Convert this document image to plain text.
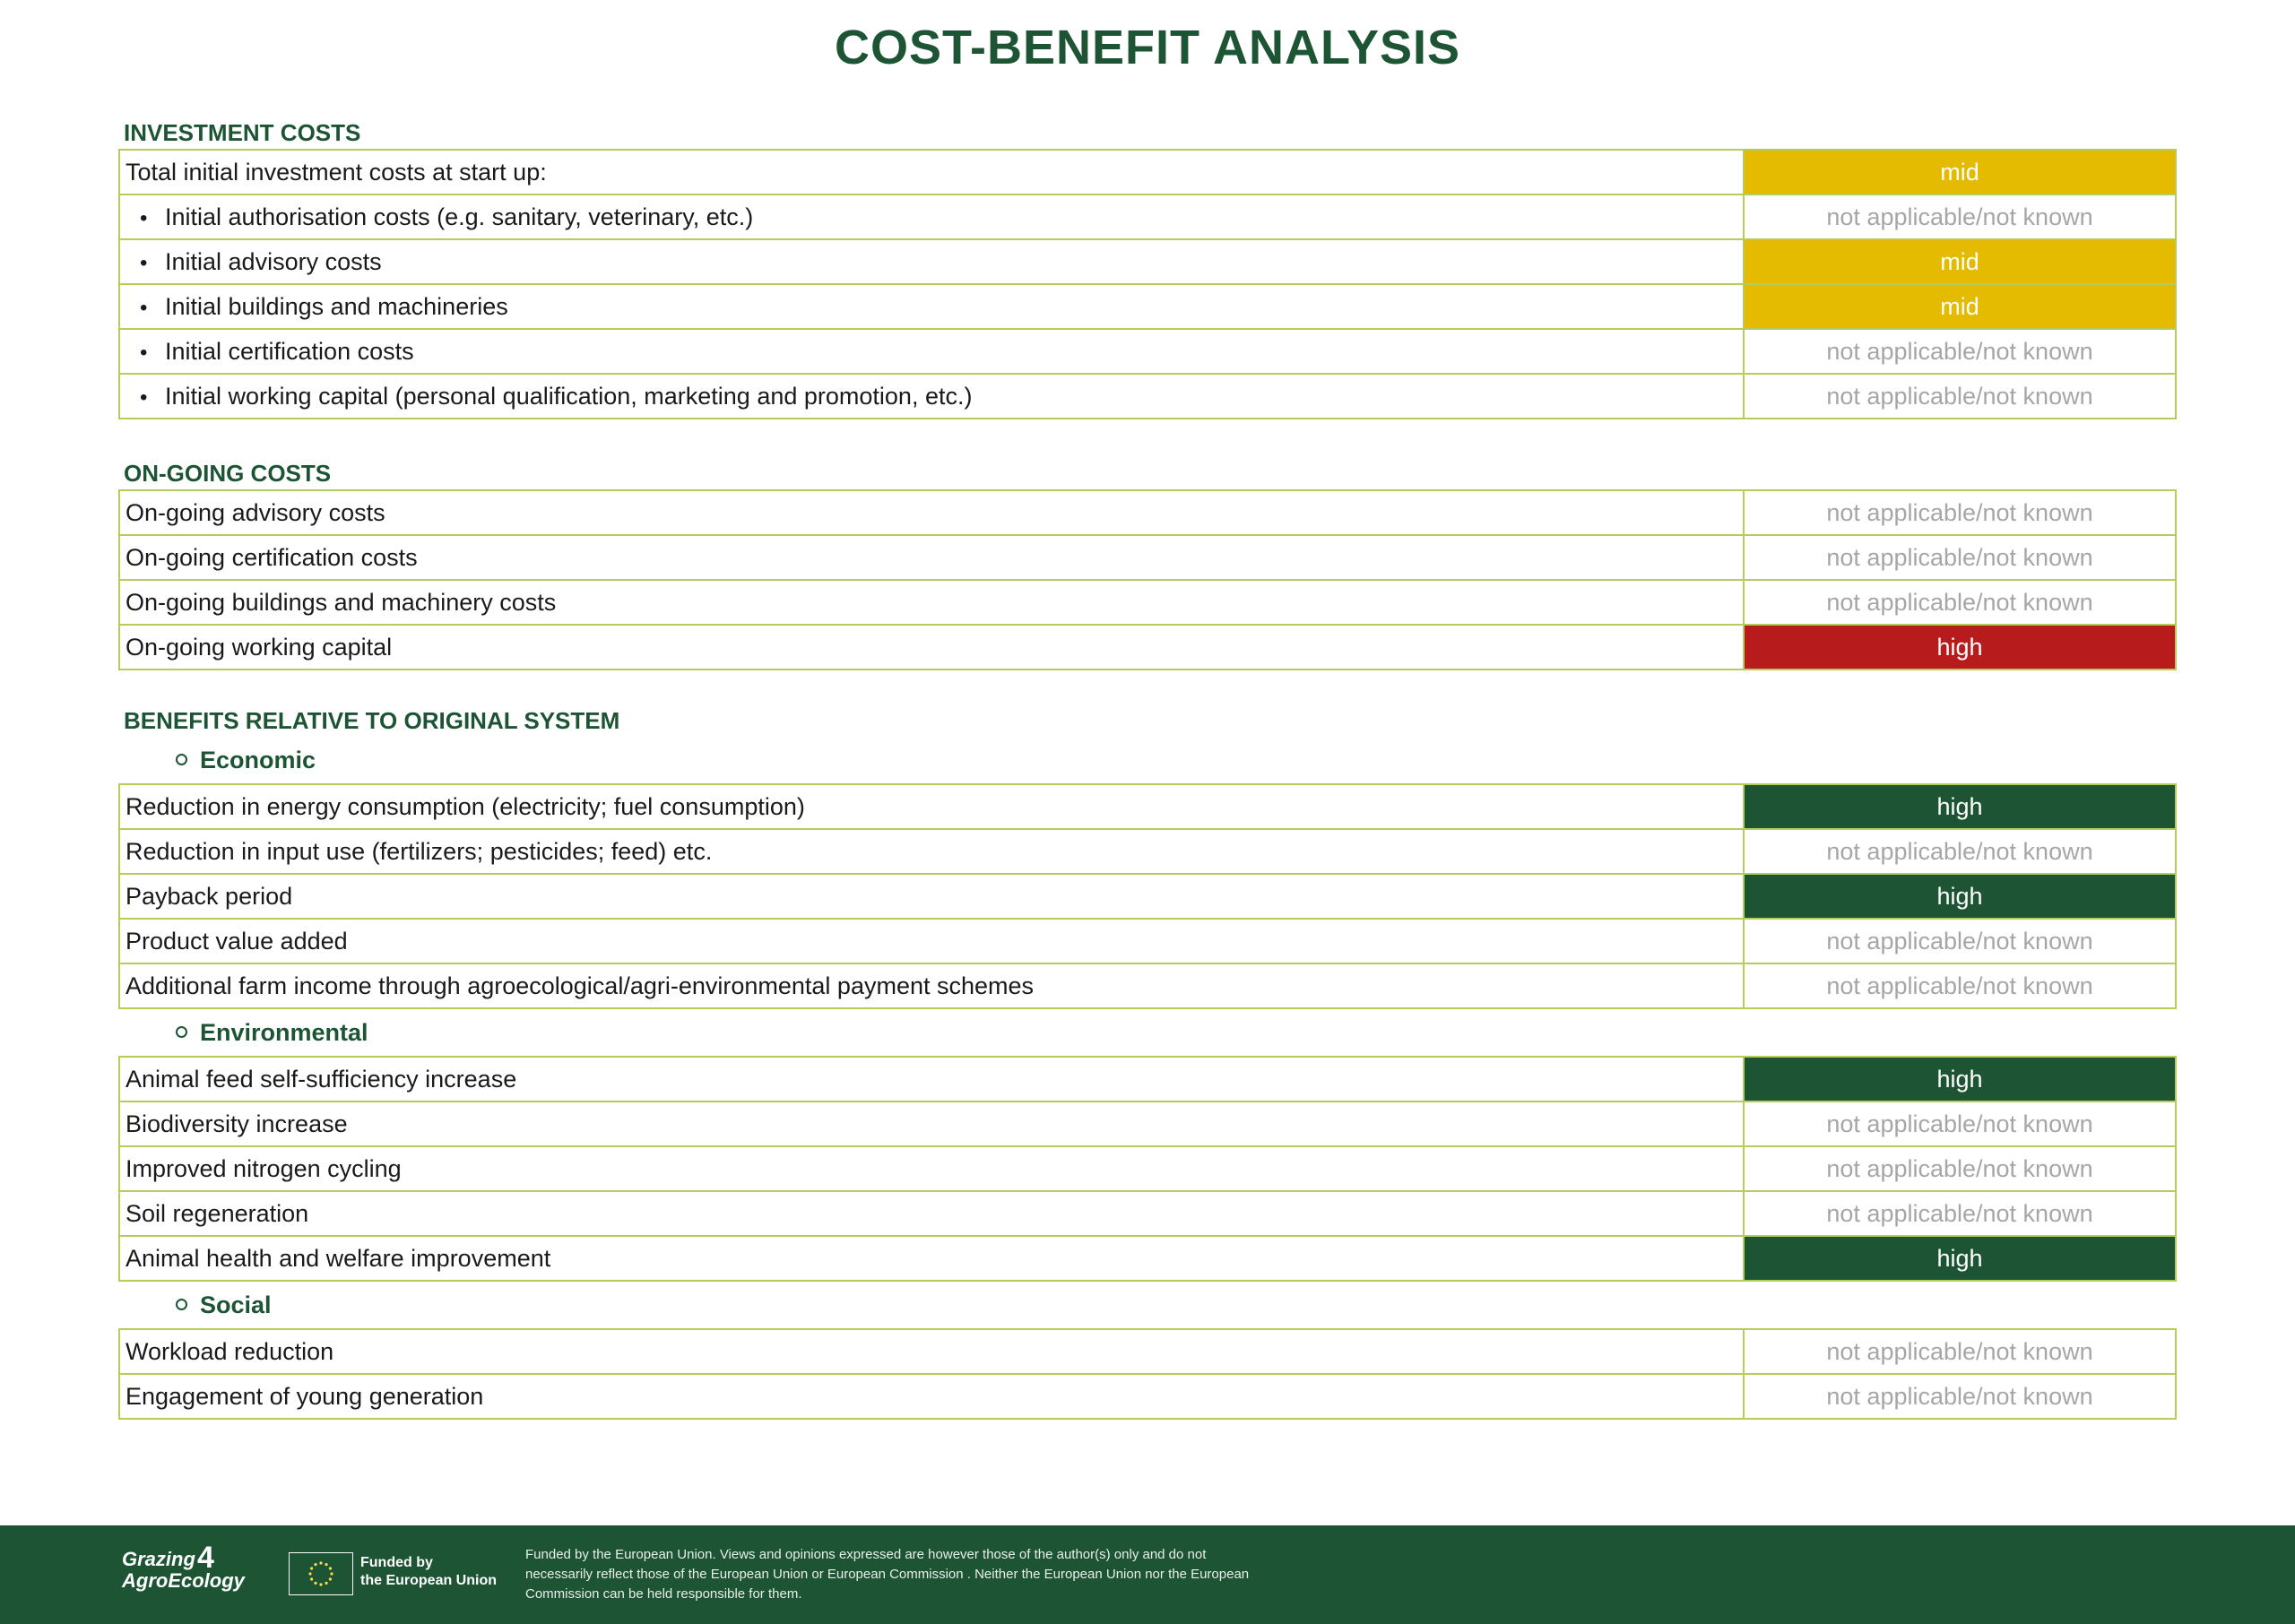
COST-BENEFIT ANALYSIS
INVESTMENT COSTS
Total initial investment costs at start up:	mid
• Initial authorisation costs (e.g. sanitary, veterinary, etc.)	not applicable/not known
• Initial advisory costs	mid
• Initial buildings and machineries	mid
• Initial certification costs	not applicable/not known
• Initial working capital (personal qualification, marketing and promotion, etc.)	not applicable/not known
ON-GOING COSTS
On-going advisory costs	not applicable/not known
On-going certification costs	not applicable/not known
On-going buildings and machinery costs	not applicable/not known
On-going working capital	high
BENEFITS RELATIVE TO ORIGINAL SYSTEM
Economic
Reduction in energy consumption (electricity; fuel consumption)	high
Reduction in input use (fertilizers; pesticides; feed) etc.	not applicable/not known
Payback period	high
Product value added	not applicable/not known
Additional farm income through agroecological/agri-environmental payment schemes	not applicable/not known
Environmental
Animal feed self-sufficiency increase	high
Biodiversity increase	not applicable/not known
Improved nitrogen cycling	not applicable/not known
Soil regeneration	not applicable/not known
Animal health and welfare improvement	high
Social
Workload reduction	not applicable/not known
Engagement of young generation	not applicable/not known
Grazing
AgroEcology
4	Funded by
the European Union
Funded by the European Union. Views and opinions expressed are however those of the author(s) only and do not necessarily reflect those of the European Union or European Commission . Neither the European Union nor the European Commission can be held responsible for them.
